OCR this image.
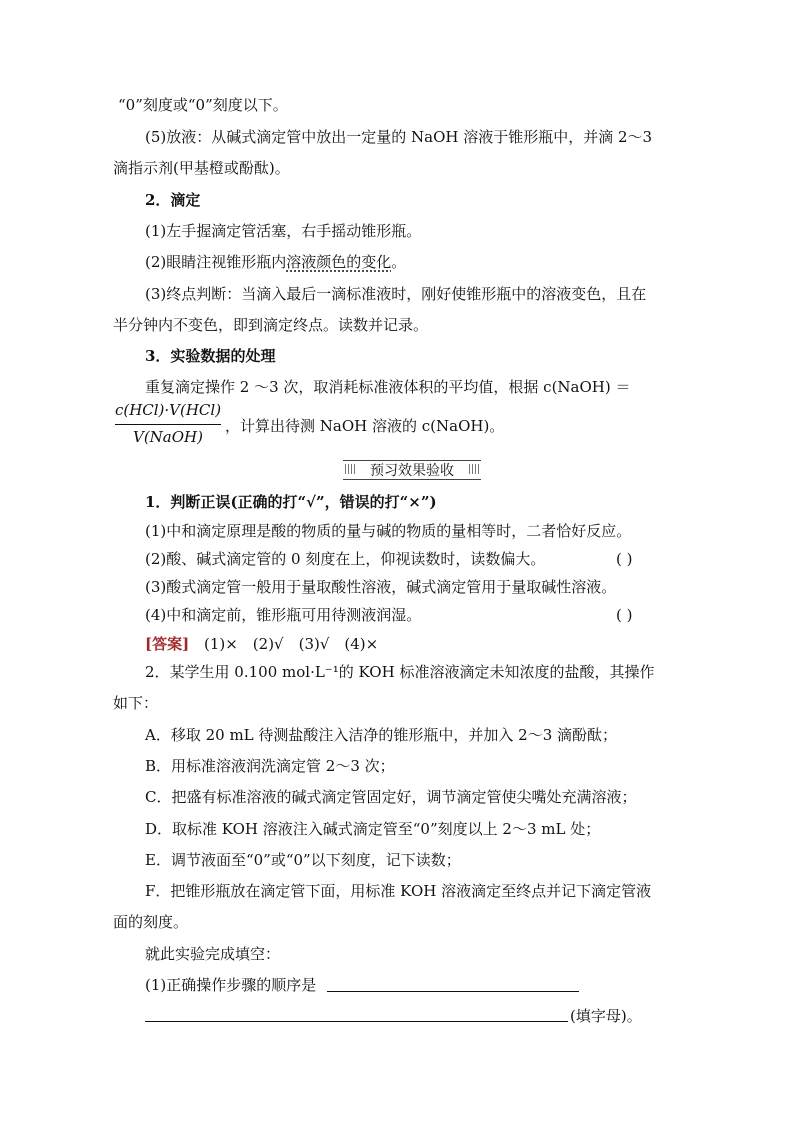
“0”刻度或“0”刻度以下。
(5)放液：从碱式滴定管中放出一定量的 NaOH 溶液于锥形瓶中，并滴 2～3
滴指示剂(甲基橙或酚酞)。
2．滴定
(1)左手握滴定管活塞，右手摇动锥形瓶。
(2)眼睛注视锥形瓶内溶液颜色的变化。
(3)终点判断：当滴入最后一滴标准液时，刚好使锥形瓶中的溶液变色，且在
半分钟内不变色，即到滴定终点。读数并记录。
3．实验数据的处理
重复滴定操作 2 ～3 次，取消耗标准液体积的平均值，根据 c(NaOH) ＝
c(HCl)·V(HCl)
V(NaOH)
，计算出待测 NaOH 溶液的 c(NaOH)。
预习效果验收
1．判断正误(正确的打“√”，错误的打“×”)
(1)中和滴定原理是酸的物质的量与碱的物质的量相等时，二者恰好反应。
(2)酸、碱式滴定管的 0 刻度在上，仰视读数时，读数偏大。	( )
(3)酸式滴定管一般用于量取酸性溶液，碱式滴定管用于量取碱性溶液。
(4)中和滴定前，锥形瓶可用待测液润湿。	( )
[答案] (1)×　(2)√　(3)√　(4)×
2．某学生用 0.100 mol·L⁻¹的 KOH 标准溶液滴定未知浓度的盐酸，其操作
如下：
A．移取 20 mL 待测盐酸注入洁净的锥形瓶中，并加入 2～3 滴酚酞；
B．用标准溶液润洗滴定管 2～3 次；
C．把盛有标准溶液的碱式滴定管固定好，调节滴定管使尖嘴处充满溶液；
D．取标准 KOH 溶液注入碱式滴定管至“0”刻度以上 2～3 mL 处；
E．调节液面至“0”或“0”以下刻度，记下读数；
F．把锥形瓶放在滴定管下面，用标准 KOH 溶液滴定至终点并记下滴定管液
面的刻度。
就此实验完成填空：
(1)正确操作步骤的顺序是
(填字母)。
